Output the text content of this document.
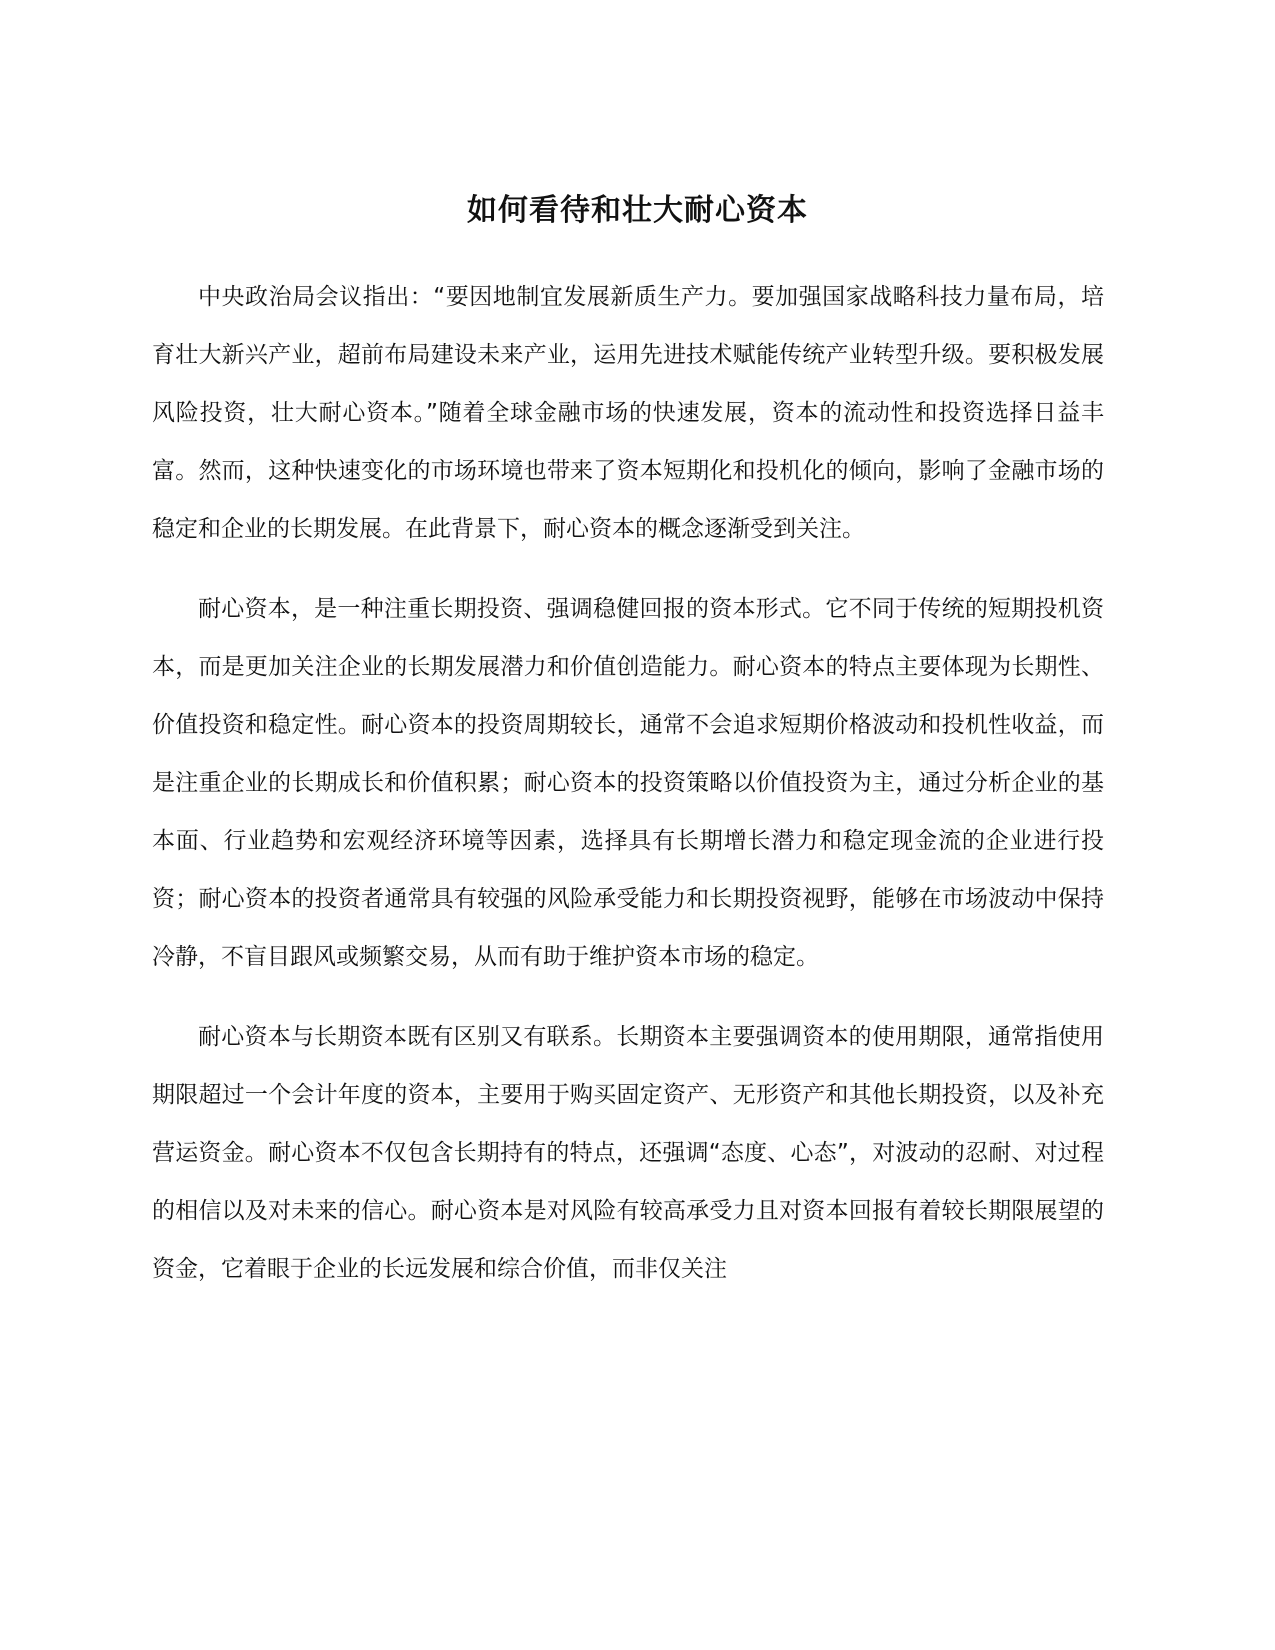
如何看待和壮大耐心资本

中央政治局会议指出：“要因地制宜发展新质生产力。要加强国家战略科技力量布局，培育壮大新兴产业，超前布局建设未来产业，运用先进技术赋能传统产业转型升级。要积极发展风险投资，壮大耐心资本。”随着全球金融市场的快速发展，资本的流动性和投资选择日益丰富。然而，这种快速变化的市场环境也带来了资本短期化和投机化的倾向，影响了金融市场的稳定和企业的长期发展。在此背景下，耐心资本的概念逐渐受到关注。

耐心资本，是一种注重长期投资、强调稳健回报的资本形式。它不同于传统的短期投机资本，而是更加关注企业的长期发展潜力和价值创造能力。耐心资本的特点主要体现为长期性、价值投资和稳定性。耐心资本的投资周期较长，通常不会追求短期价格波动和投机性收益，而是注重企业的长期成长和价值积累；耐心资本的投资策略以价值投资为主，通过分析企业的基本面、行业趋势和宏观经济环境等因素，选择具有长期增长潜力和稳定现金流的企业进行投资；耐心资本的投资者通常具有较强的风险承受能力和长期投资视野，能够在市场波动中保持冷静，不盲目跟风或频繁交易，从而有助于维护资本市场的稳定。

耐心资本与长期资本既有区别又有联系。长期资本主要强调资本的使用期限，通常指使用期限超过一个会计年度的资本，主要用于购买固定资产、无形资产和其他长期投资，以及补充营运资金。耐心资本不仅包含长期持有的特点，还强调“态度、心态”，对波动的忍耐、对过程的相信以及对未来的信心。耐心资本是对风险有较高承受力且对资本回报有着较长期限展望的资金，它着眼于企业的长远发展和综合价值，而非仅关注
